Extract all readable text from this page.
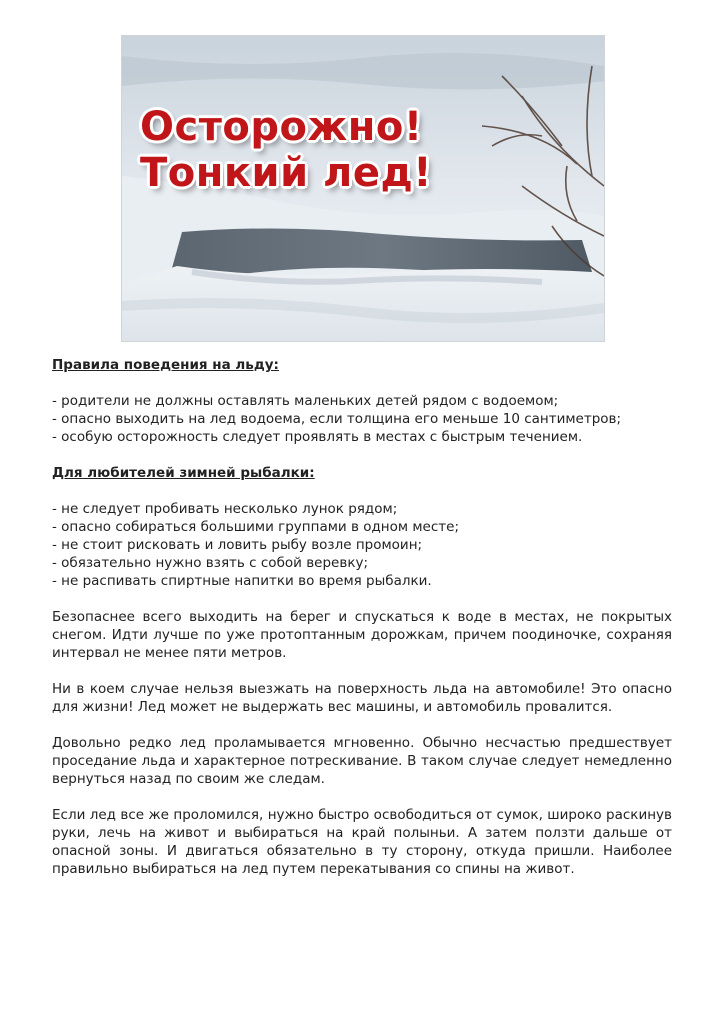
Осторожно!
Тонкий лед!

Правила поведения на льду:

- родители не должны оставлять маленьких детей рядом с водоемом;
- опасно выходить на лед водоема, если толщина его меньше 10 сантиметров;
- особую осторожность следует проявлять в местах с быстрым течением.

Для любителей зимней рыбалки:

- не следует пробивать несколько лунок рядом;
- опасно собираться большими группами в одном месте;
- не стоит рисковать и ловить рыбу возле промоин;
- обязательно нужно взять с собой веревку;
- не распивать спиртные напитки во время рыбалки.

Безопаснее всего выходить на берег и спускаться к воде в местах, не покрытых снегом. Идти лучше по уже протоптанным дорожкам, причем поодиночке, сохраняя интервал не менее пяти метров.

Ни в коем случае нельзя выезжать на поверхность льда на автомобиле! Это опасно для жизни! Лед может не выдержать вес машины, и автомобиль провалится.

Довольно редко лед проламывается мгновенно. Обычно несчастью предшествует проседание льда и характерное потрескивание. В таком случае следует немедленно вернуться назад по своим же следам.

Если лед все же проломился, нужно быстро освободиться от сумок, широко раскинув руки, лечь на живот и выбираться на край полыньи. А затем ползти дальше от опасной зоны. И двигаться обязательно в ту сторону, откуда пришли. Наиболее правильно выбираться на лед путем перекатывания со спины на живот.
